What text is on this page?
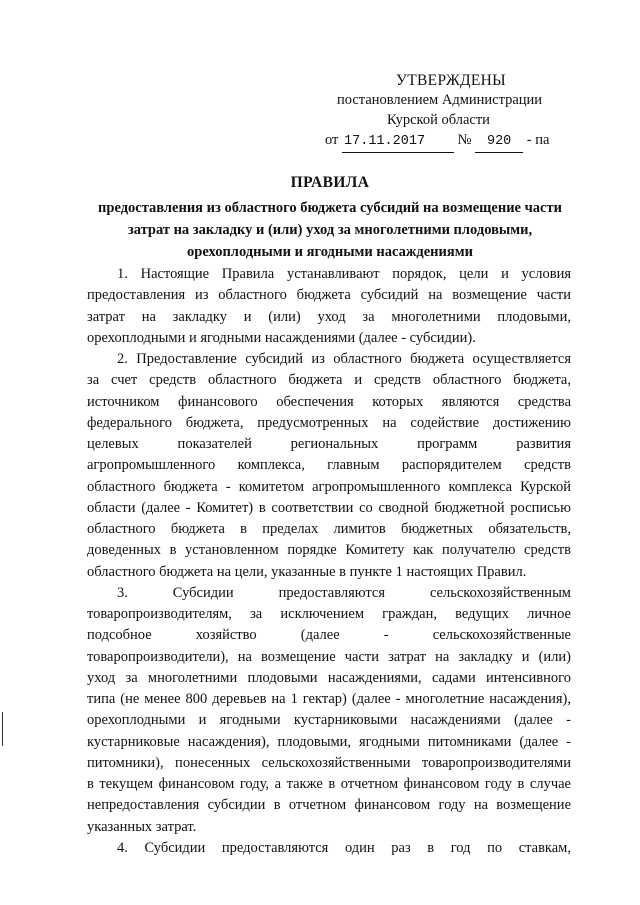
УТВЕРЖДЕНЫ
постановлением Администрации
Курской области
от 17.11.2017 № 920 - па
ПРАВИЛА
предоставления из областного бюджета субсидий на возмещение части
затрат на закладку и (или) уход за многолетними плодовыми,
орехоплодными и ягодными насаждениями
1. Настоящие Правила устанавливают порядок, цели и условия
предоставления из областного бюджета субсидий на возмещение части
затрат на закладку и (или) уход за многолетними плодовыми,
орехоплодными и ягодными насаждениями (далее - субсидии).
2. Предоставление субсидий из областного бюджета осуществляется
за счет средств областного бюджета и средств областного бюджета,
источником финансового обеспечения которых являются средства
федерального бюджета, предусмотренных на содействие достижению
целевых показателей региональных программ развития
агропромышленного комплекса, главным распорядителем средств
областного бюджета - комитетом агропромышленного комплекса Курской
области (далее - Комитет) в соответствии со сводной бюджетной росписью
областного бюджета в пределах лимитов бюджетных обязательств,
доведенных в установленном порядке Комитету как получателю средств
областного бюджета на цели, указанные в пункте 1 настоящих Правил.
3. Субсидии предоставляются сельскохозяйственным
товаропроизводителям, за исключением граждан, ведущих личное
подсобное хозяйство (далее - сельскохозяйственные
товаропроизводители), на возмещение части затрат на закладку и (или)
уход за многолетними плодовыми насаждениями, садами интенсивного
типа (не менее 800 деревьев на 1 гектар) (далее - многолетние насаждения),
орехоплодными и ягодными кустарниковыми насаждениями (далее -
кустарниковые насаждения), плодовыми, ягодными питомниками (далее -
питомники), понесенных сельскохозяйственными товаропроизводителями
в текущем финансовом году, а также в отчетном финансовом году в случае
непредоставления субсидии в отчетном финансовом году на возмещение
указанных затрат.
4. Субсидии предоставляются один раз в год по ставкам,
